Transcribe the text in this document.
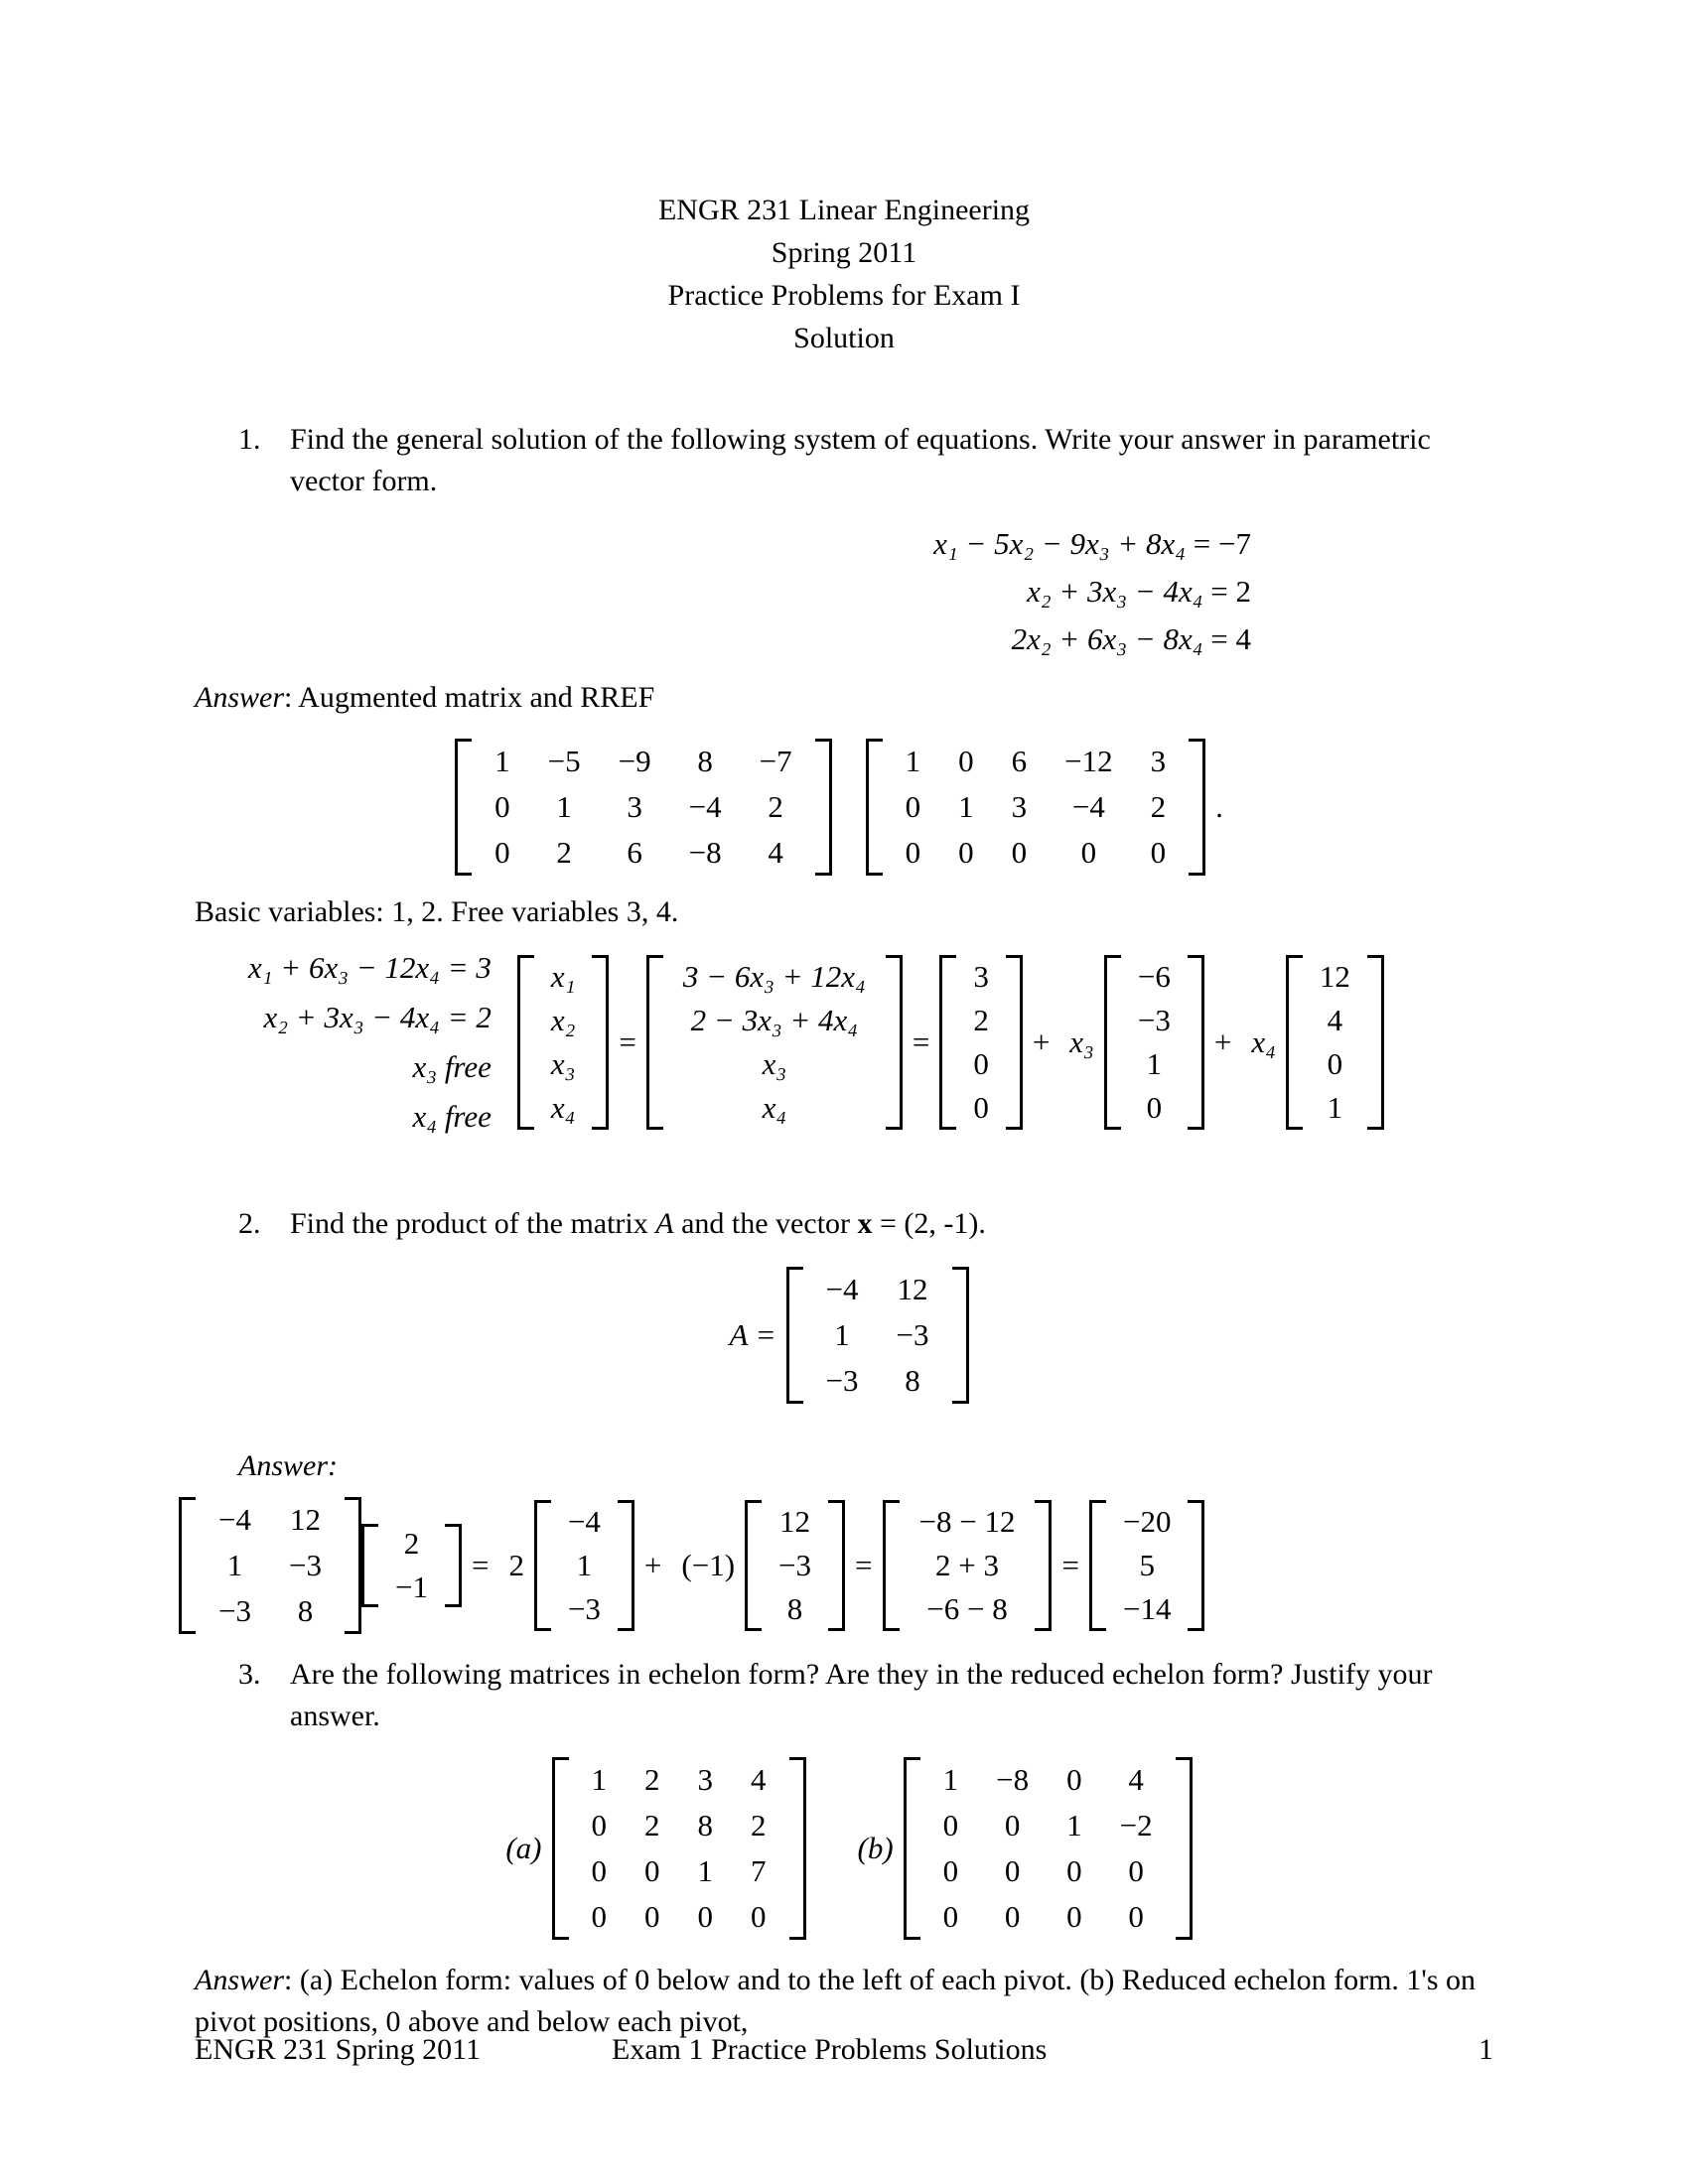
ENGR 231 Linear Engineering
Spring 2011
Practice Problems for Exam I
Solution
1. Find the general solution of the following system of equations. Write your answer in parametric vector form.
x₁ − 5x₂ − 9x₃ + 8x₄ = −7
x₂ + 3x₃ − 4x₄ = 2
2x₂ + 6x₃ − 8x₄ = 4
Answer: Augmented matrix and RREF
1	−5	−9	8	−7
0	1	3	−4	2
0	2	6	−8	4
1	0	6	−12	3
0	1	3	−4	2
0	0	0	0	0
.
Basic variables: 1, 2. Free variables 3, 4.
x₁ + 6x₃ − 12x₄ = 3
x₂ + 3x₃ − 4x₄ = 2
x₃ free
x₄ free
x₁
x₂
x₃
x₄
=
3 − 6x₃ + 12x₄
2 − 3x₃ + 4x₄
x₃
x₄
=
3
2
0
0
+ x₃
−6
−3
1
0
+ x₄
12
4
0
1
2. Find the product of the matrix A and the vector x = (2, -1).
A =
−4	12
1	−3
−3	8
Answer:
−4	12
1	−3
−3	8
2
−1
= 2
−4
1
−3
+ (−1)
12
−3
8
=
−8 − 12
2 + 3
−6 − 8
=
−20
5
−14
3. Are the following matrices in echelon form? Are they in the reduced echelon form? Justify your answer.
(a)
1	2	3	4
0	2	8	2
0	0	1	7
0	0	0	0
(b)
1	−8	0	4
0	0	1	−2
0	0	0	0
0	0	0	0
Answer: (a) Echelon form: values of 0 below and to the left of each pivot. (b) Reduced echelon form. 1's on pivot positions, 0 above and below each pivot,
ENGR 231 Spring 2011	Exam 1 Practice Problems Solutions	1
